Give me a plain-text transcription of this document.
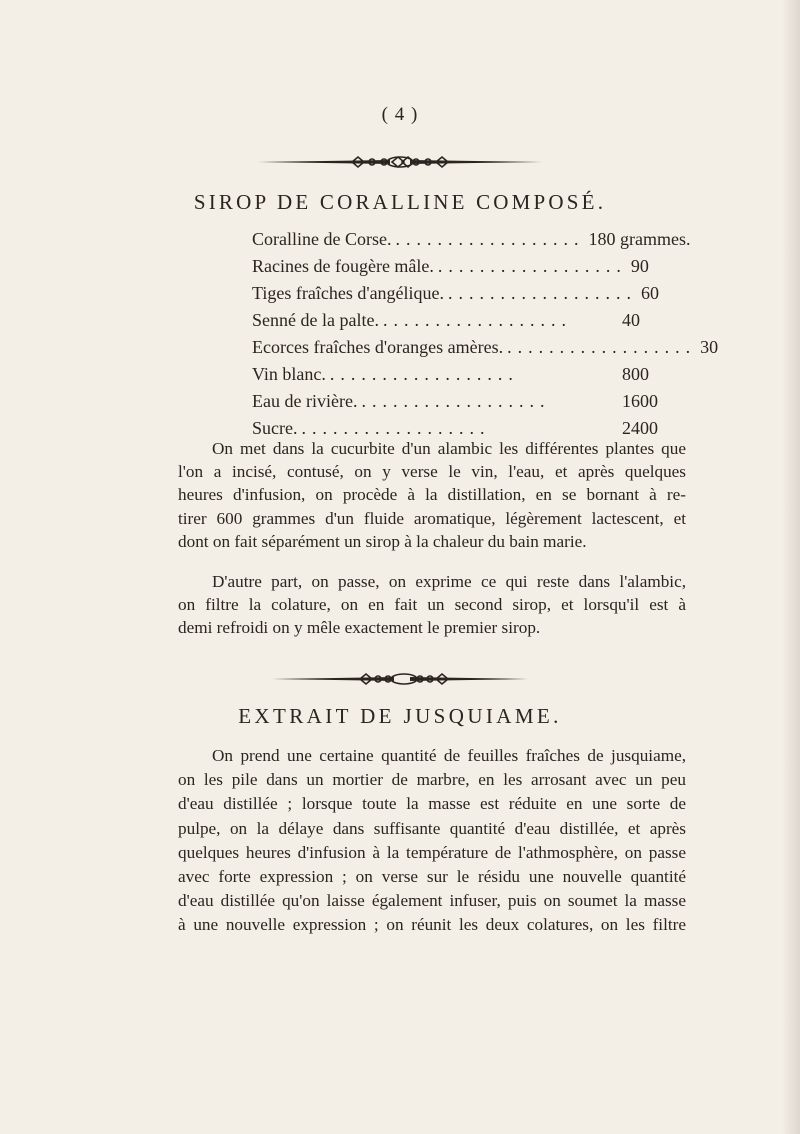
( 4 )
SIROP DE CORALLINE COMPOSÉ.
Coralline de Corse. .................. 180 grammes.
Racines de fougère mâle. .................. 90
Tiges fraîches d'angélique. .................. 60
Senné de la palte. ..................	40
Ecorces fraîches d'oranges amères. .................. 30
Vin blanc. ..................	800
Eau de rivière. ..................	1600
Sucre. ..................	2400
On met dans la cucurbite d'un alambic les différentes plantes que
l'on a incisé, contusé, on y verse le vin, l'eau, et après quelques
heures d'infusion, on procède à la distillation, en se bornant à re-
tirer 600 grammes d'un fluide aromatique, légèrement lactescent, et
dont on fait séparément un sirop à la chaleur du bain marie.
D'autre part, on passe, on exprime ce qui reste dans l'alambic,
on filtre la colature, on en fait un second sirop, et lorsqu'il est à
demi refroidi on y mêle exactement le premier sirop.
EXTRAIT DE JUSQUIAME.
On prend une certaine quantité de feuilles fraîches de jusquiame,
on les pile dans un mortier de marbre, en les arrosant avec un peu
d'eau distillée ; lorsque toute la masse est réduite en une sorte de
pulpe, on la délaye dans suffisante quantité d'eau distillée, et après
quelques heures d'infusion à la température de l'athmosphère, on passe
avec forte expression ; on verse sur le résidu une nouvelle quantité
d'eau distillée qu'on laisse également infuser, puis on soumet la masse
à une nouvelle expression ; on réunit les deux colatures, on les filtre
